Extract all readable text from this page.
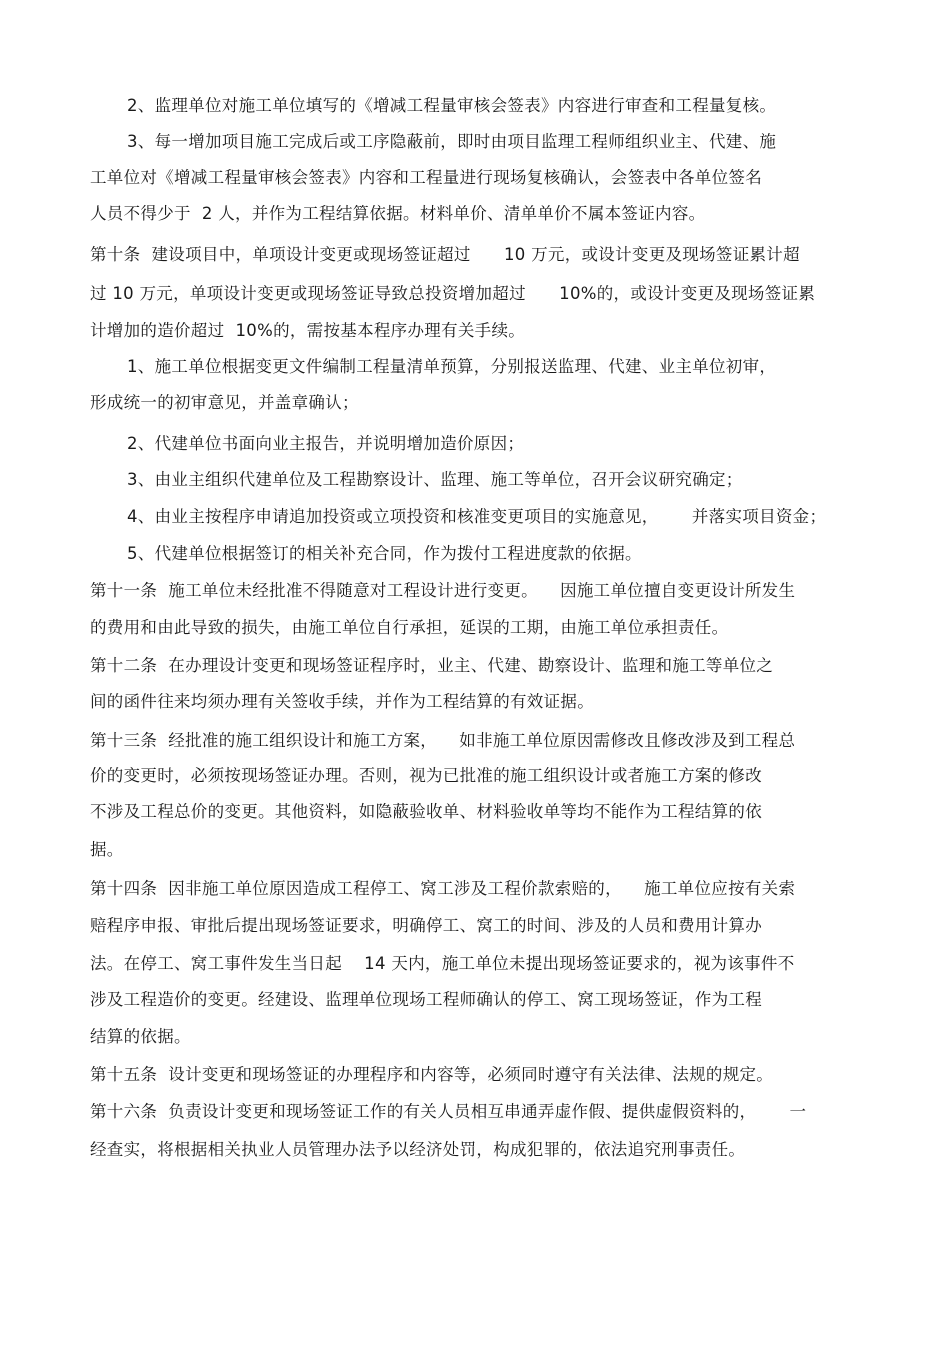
2、监理单位对施工单位填写的《增减工程量审核会签表》内容进行审查和工程量复核。
3、每一增加项目施工完成后或工序隐蔽前，即时由项目监理工程师组织业主、代建、施
工单位对《增减工程量审核会签表》内容和工程量进行现场复核确认，会签表中各单位签名
人员不得少于  2 人，并作为工程结算依据。材料单价、清单单价不属本签证内容。
第十条  建设项目中，单项设计变更或现场签证超过      10 万元，或设计变更及现场签证累计超
过 10 万元，单项设计变更或现场签证导致总投资增加超过      10%的，或设计变更及现场签证累
计增加的造价超过  10%的，需按基本程序办理有关手续。
1、施工单位根据变更文件编制工程量清单预算，分别报送监理、代建、业主单位初审，
形成统一的初审意见，并盖章确认；
2、代建单位书面向业主报告，并说明增加造价原因；
3、由业主组织代建单位及工程勘察设计、监理、施工等单位，召开会议研究确定；
4、由业主按程序申请追加投资或立项投资和核准变更项目的实施意见，      并落实项目资金；
5、代建单位根据签订的相关补充合同，作为拨付工程进度款的依据。
第十一条  施工单位未经批准不得随意对工程设计进行变更。    因施工单位擅自变更设计所发生
的费用和由此导致的损失，由施工单位自行承担，延误的工期，由施工单位承担责任。
第十二条  在办理设计变更和现场签证程序时，业主、代建、勘察设计、监理和施工等单位之
间的函件往来均须办理有关签收手续，并作为工程结算的有效证据。
第十三条  经批准的施工组织设计和施工方案，    如非施工单位原因需修改且修改涉及到工程总
价的变更时，必须按现场签证办理。否则，视为已批准的施工组织设计或者施工方案的修改
不涉及工程总价的变更。其他资料，如隐蔽验收单、材料验收单等均不能作为工程结算的依
据。
第十四条  因非施工单位原因造成工程停工、窝工涉及工程价款索赔的，    施工单位应按有关索
赔程序申报、审批后提出现场签证要求，明确停工、窝工的时间、涉及的人员和费用计算办
法。在停工、窝工事件发生当日起    14 天内，施工单位未提出现场签证要求的，视为该事件不
涉及工程造价的变更。经建设、监理单位现场工程师确认的停工、窝工现场签证，作为工程
结算的依据。
第十五条  设计变更和现场签证的办理程序和内容等，必须同时遵守有关法律、法规的规定。
第十六条  负责设计变更和现场签证工作的有关人员相互串通弄虚作假、提供虚假资料的，      一
经查实，将根据相关执业人员管理办法予以经济处罚，构成犯罪的，依法追究刑事责任。
